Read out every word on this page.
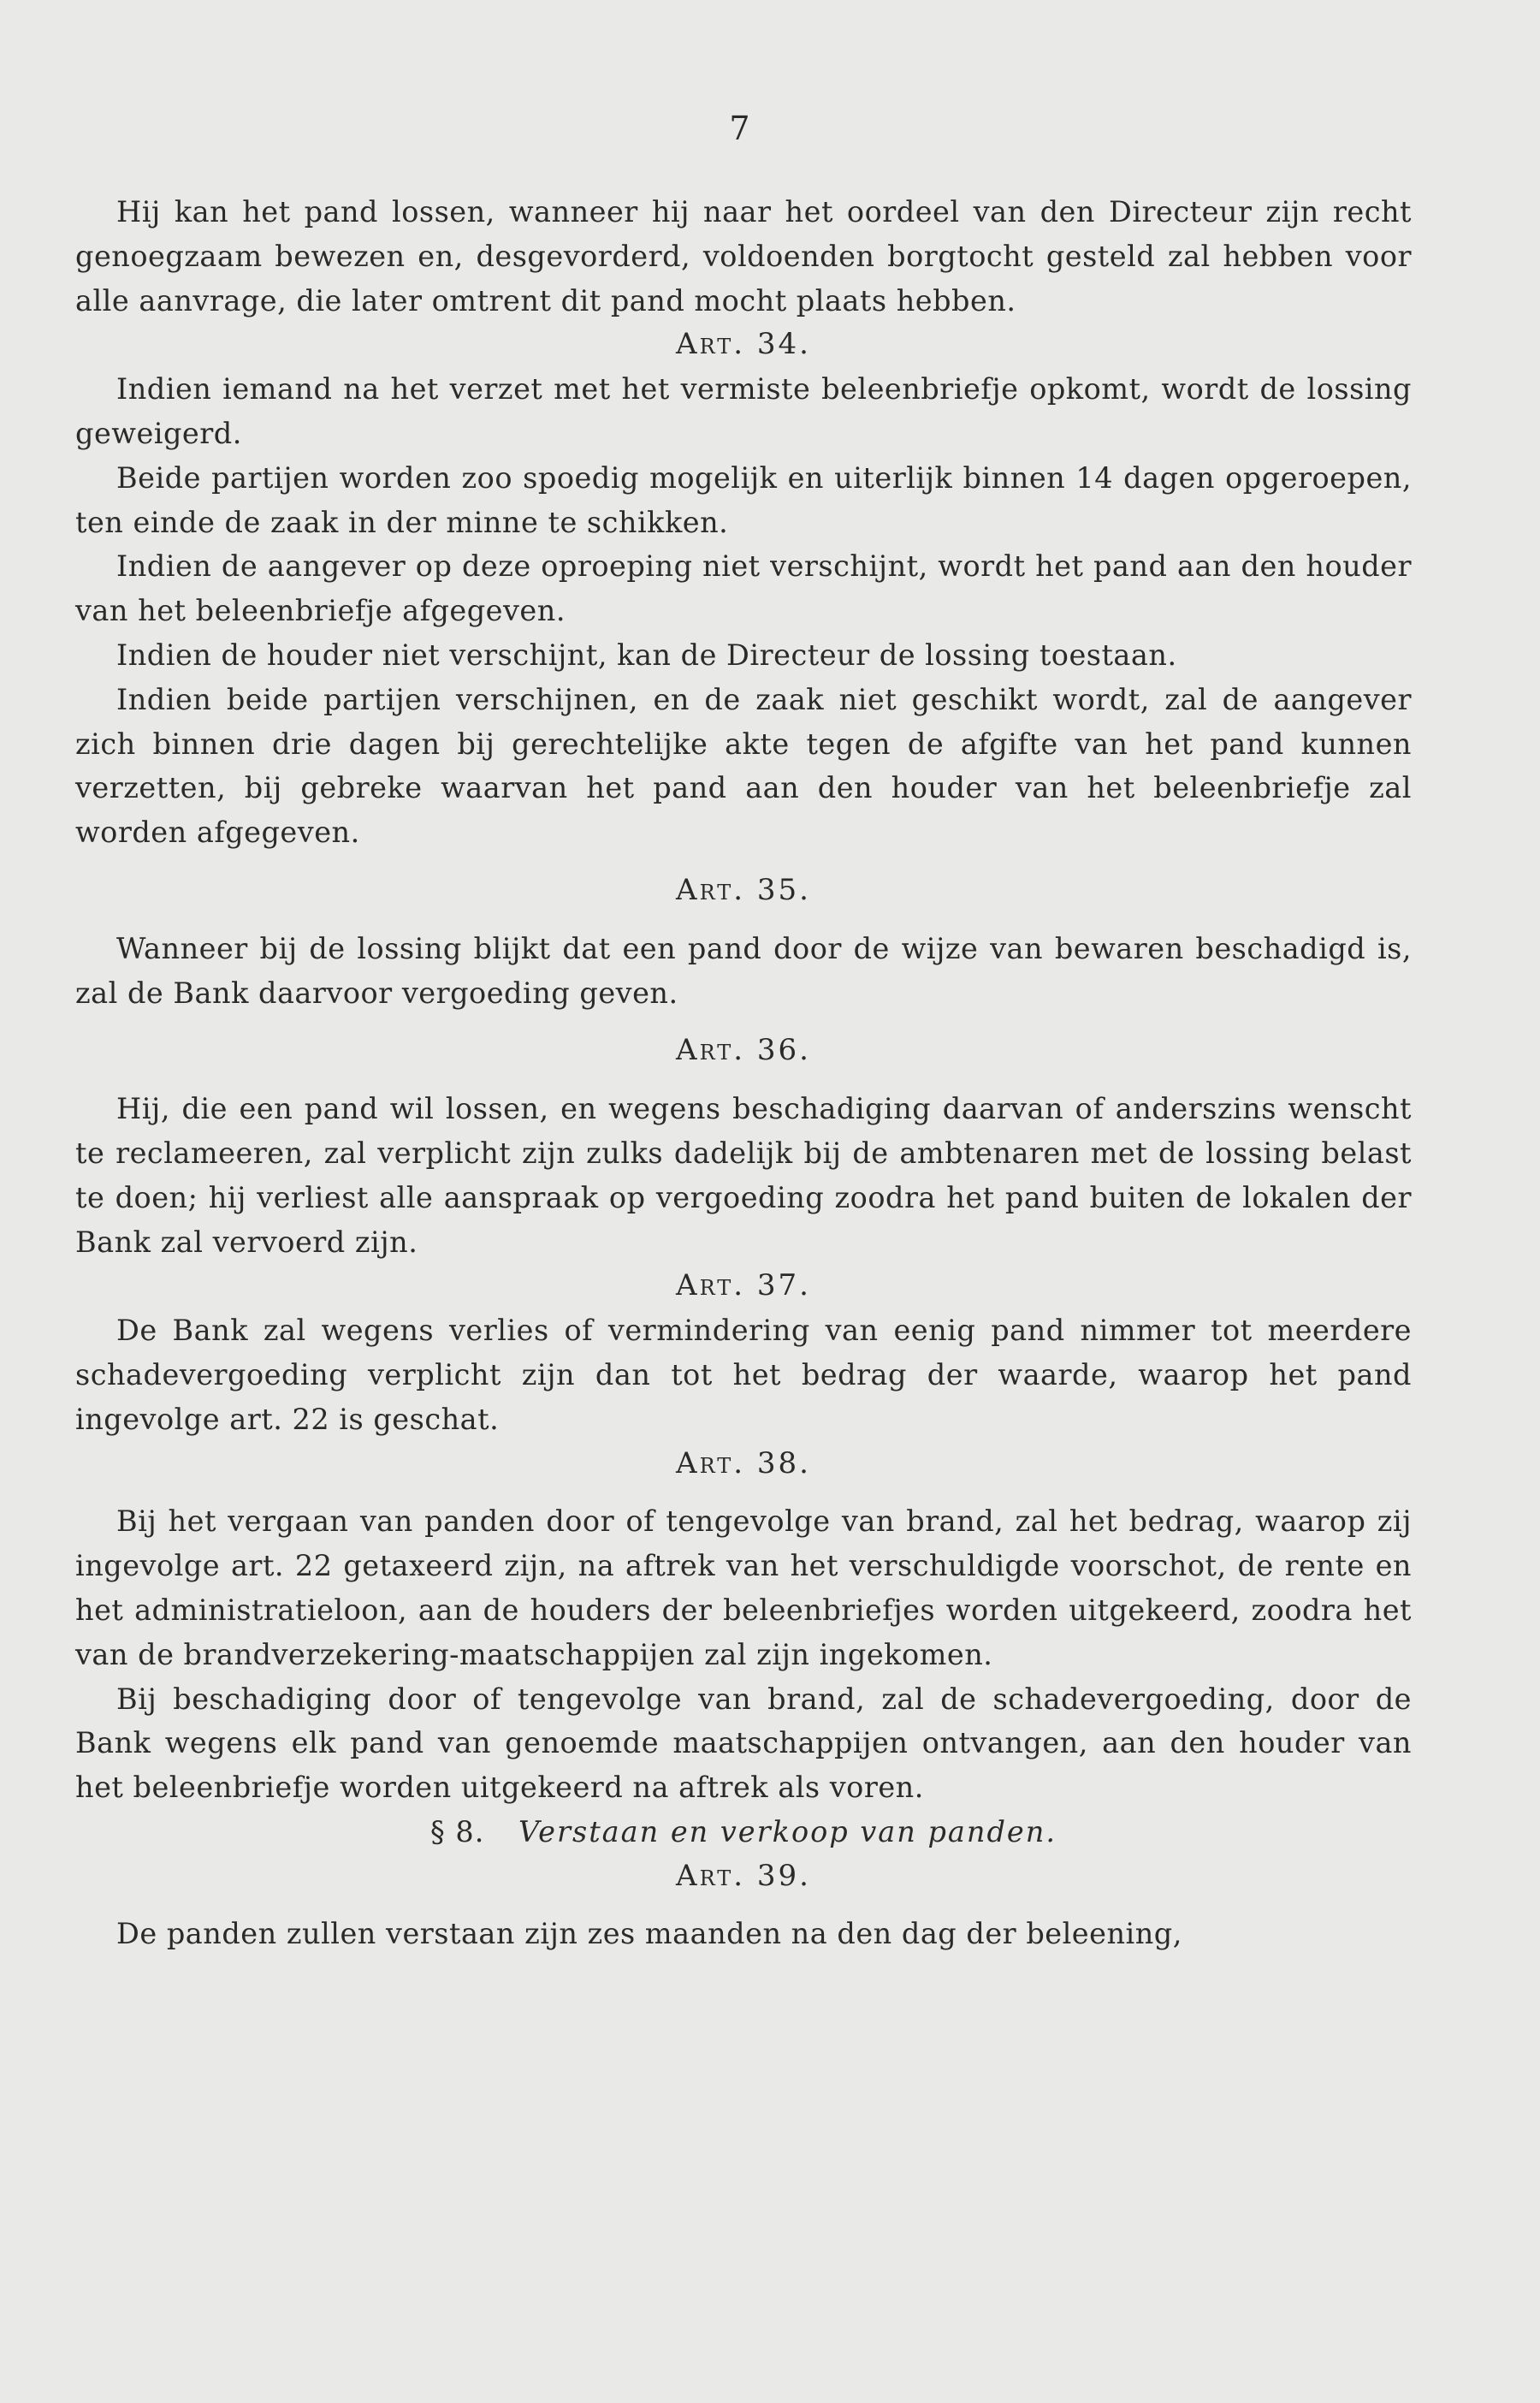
7

Hij kan het pand lossen, wanneer hij naar het oordeel van den Directeur zijn recht genoegzaam bewezen en, desgevorderd, voldoenden borgtocht gesteld zal hebben voor alle aanvrage, die later omtrent dit pand mocht plaats hebben.

Art. 34.

Indien iemand na het verzet met het vermiste beleenbriefje opkomt, wordt de lossing geweigerd.

Beide partijen worden zoo spoedig mogelijk en uiterlijk binnen 14 dagen opgeroepen, ten einde de zaak in der minne te schikken.

Indien de aangever op deze oproeping niet verschijnt, wordt het pand aan den houder van het beleenbriefje afgegeven.

Indien de houder niet verschijnt, kan de Directeur de lossing toestaan.

Indien beide partijen verschijnen, en de zaak niet geschikt wordt, zal de aangever zich binnen drie dagen bij gerechtelijke akte tegen de afgifte van het pand kunnen verzetten, bij gebreke waarvan het pand aan den houder van het beleenbriefje zal worden afgegeven.

Art. 35.

Wanneer bij de lossing blijkt dat een pand door de wijze van bewaren beschadigd is, zal de Bank daarvoor vergoeding geven.

Art. 36.

Hij, die een pand wil lossen, en wegens beschadiging daarvan of anderszins wenscht te reclameeren, zal verplicht zijn zulks dadelijk bij de ambtenaren met de lossing belast te doen; hij verliest alle aanspraak op vergoeding zoodra het pand buiten de lokalen der Bank zal vervoerd zijn.

Art. 37.

De Bank zal wegens verlies of vermindering van eenig pand nimmer tot meerdere schadevergoeding verplicht zijn dan tot het bedrag der waarde, waarop het pand ingevolge art. 22 is geschat.

Art. 38.

Bij het vergaan van panden door of tengevolge van brand, zal het bedrag, waarop zij ingevolge art. 22 getaxeerd zijn, na aftrek van het verschuldigde voorschot, de rente en het administratieloon, aan de houders der beleenbriefjes worden uitgekeerd, zoodra het van de brandverzekering-maatschappijen zal zijn ingekomen.

Bij beschadiging door of tengevolge van brand, zal de schadevergoeding, door de Bank wegens elk pand van genoemde maatschappijen ontvangen, aan den houder van het beleenbriefje worden uitgekeerd na aftrek als voren.

§ 8. Verstaan en verkoop van panden.

Art. 39.

De panden zullen verstaan zijn zes maanden na den dag der beleening,
